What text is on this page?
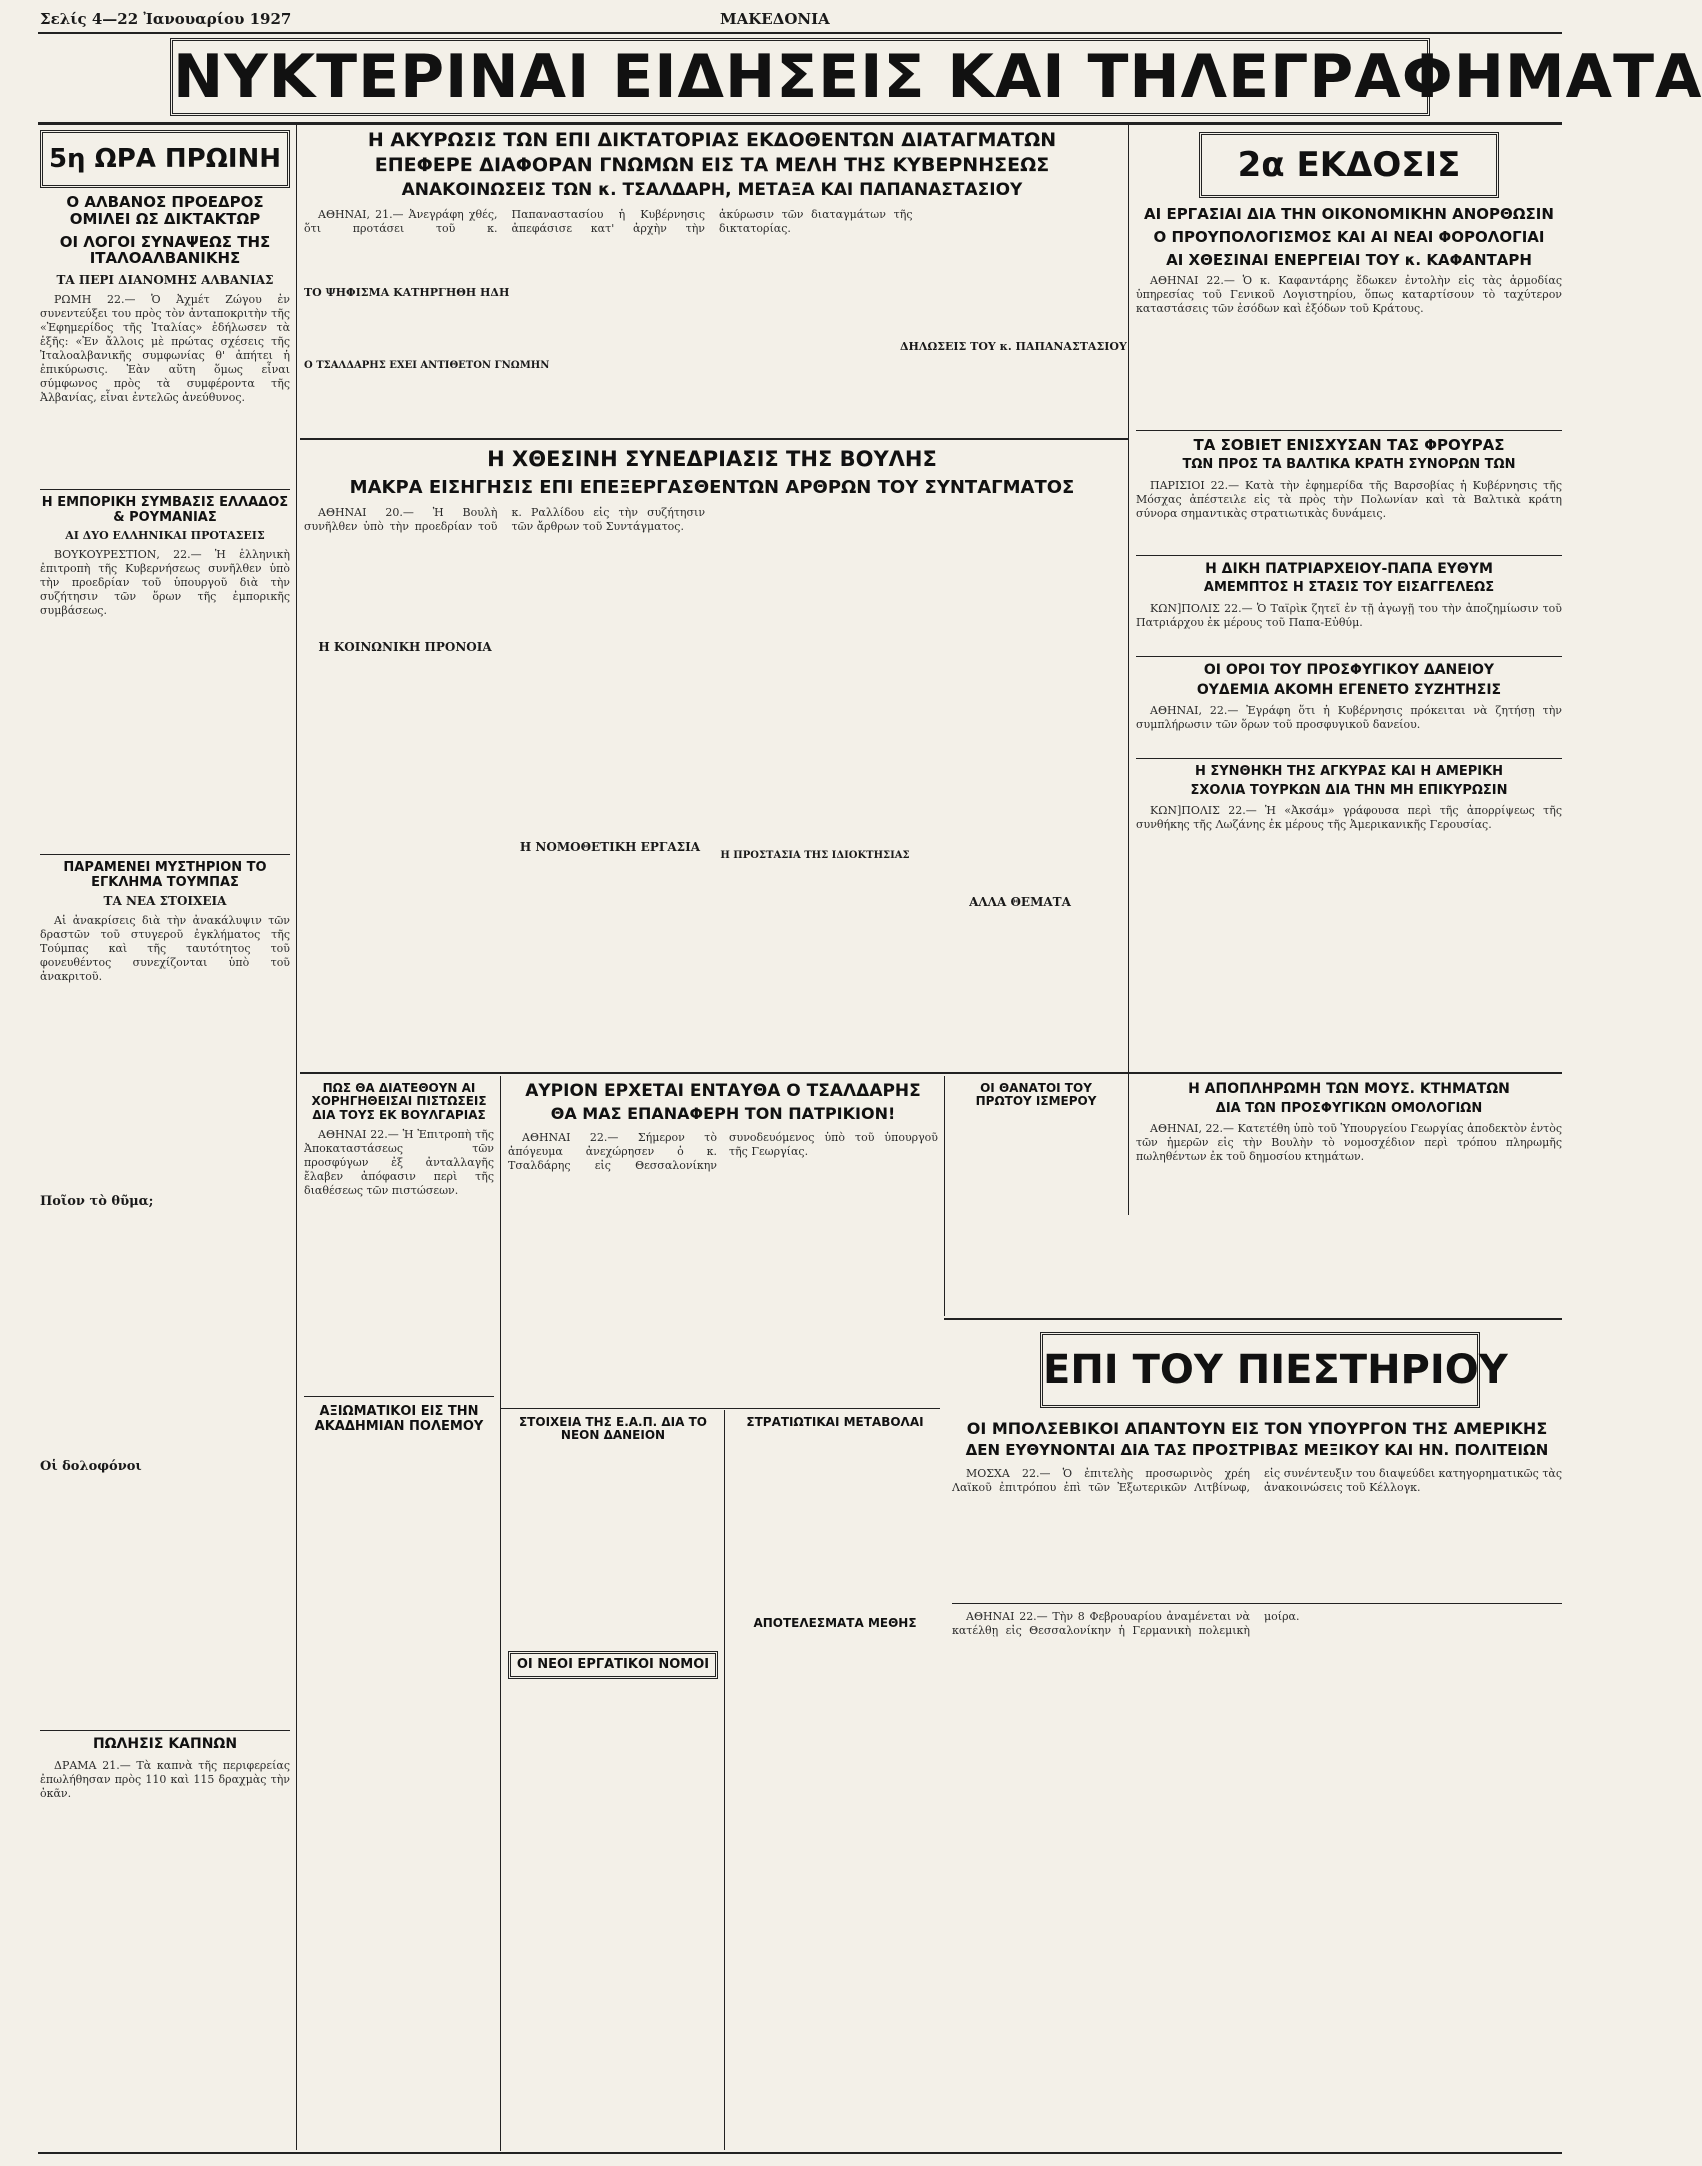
Σελίς 4—22 Ἰανουαρίου 1927	ΜΑΚΕΔΟΝΙΑ
ΝΥΚΤΕΡΙΝΑΙ ΕΙΔΗΣΕΙΣ ΚΑΙ ΤΗΛΕΓΡΑΦΗΜΑΤΑ
5η ΩΡΑ ΠΡΩΙΝΗ
Ο ΑΛΒΑΝΟΣ ΠΡΟΕΔΡΟΣ ΟΜΙΛΕΙ ΩΣ ΔΙΚΤΑΚΤΩΡ
ΟΙ ΛΟΓΟΙ ΣΥΝΑΨΕΩΣ ΤΗΣ ΙΤΑΛΟΑΛΒΑΝΙΚΗΣ
ΤΑ ΠΕΡΙ ΔΙΑΝΟΜΗΣ ΑΛΒΑΝΙΑΣ
ΡΩΜΗ 22.— Ὁ Ἀχμέτ Ζώγου ἐν συνεντεύξει του πρὸς τὸν ἀνταποκριτὴν τῆς «Ἐφημερίδος τῆς Ἰταλίας» ἐδήλωσεν τὰ ἑξῆς: «Ἐν ἄλλοις μὲ πρώτας σχέσεις τῆς Ἰταλοαλβανικῆς συμφωνίας θ' ἀπήτει ἡ ἐπικύρωσις. Ἐὰν αὕτη ὅμως εἶναι σύμφωνος πρὸς τὰ συμφέροντα τῆς Ἀλβανίας, εἶναι ἐντελῶς ἀνεύθυνος.
Η ΕΜΠΟΡΙΚΗ ΣΥΜΒΑΣΙΣ ΕΛΛΑΔΟΣ & ΡΟΥΜΑΝΙΑΣ
ΑΙ ΔΥΟ ΕΛΛΗΝΙΚΑΙ ΠΡΟΤΑΣΕΙΣ
ΒΟΥΚΟΥΡΕΣΤΙΟΝ, 22.— Ἡ ἑλληνικὴ ἐπιτροπὴ τῆς Κυβερνήσεως συνῆλθεν ὑπὸ τὴν προεδρίαν τοῦ ὑπουργοῦ διὰ τὴν συζήτησιν τῶν ὅρων τῆς ἐμπορικῆς συμβάσεως.
ΠΑΡΑΜΕΝΕΙ ΜΥΣΤΗΡΙΟΝ ΤΟ ΕΓΚΛΗΜΑ ΤΟΥΜΠΑΣ
ΤΑ ΝΕΑ ΣΤΟΙΧΕΙΑ
Αἱ ἀνακρίσεις διὰ τὴν ἀνακάλυψιν τῶν δραστῶν τοῦ στυγεροῦ ἐγκλήματος τῆς Τούμπας καὶ τῆς ταυτότητος τοῦ φονευθέντος συνεχίζονται ὑπὸ τοῦ ἀνακριτοῦ.
Ποῖον τὸ θῦμα;
Οἱ δολοφόνοι
ΠΩΛΗΣΙΣ ΚΑΠΝΩΝ
ΔΡΑΜΑ 21.— Τὰ καπνὰ τῆς περιφερείας ἐπωλήθησαν πρὸς 110 καὶ 115 δραχμὰς τὴν ὀκᾶν.
Η ΑΚΥΡΩΣΙΣ ΤΩΝ ΕΠΙ ΔΙΚΤΑΤΟΡΙΑΣ ΕΚΔΟΘΕΝΤΩΝ ΔΙΑΤΑΓΜΑΤΩΝ
ΕΠΕΦΕΡΕ ΔΙΑΦΟΡΑΝ ΓΝΩΜΩΝ ΕΙΣ ΤΑ ΜΕΛΗ ΤΗΣ ΚΥΒΕΡΝΗΣΕΩΣ
ΑΝΑΚΟΙΝΩΣΕΙΣ ΤΩΝ κ. ΤΣΑΛΔΑΡΗ, ΜΕΤΑΞΑ ΚΑΙ ΠΑΠΑΝΑΣΤΑΣΙΟΥ
ΑΘΗΝΑΙ, 21.— Ἀνεγράφη χθές, ὅτι προτάσει τοῦ κ. Παπαναστασίου ἡ Κυβέρνησις ἀπεφάσισε κατ' ἀρχὴν τὴν ἀκύρωσιν τῶν διαταγμάτων τῆς δικτατορίας.
ΤΟ ΨΗΦΙΣΜΑ ΚΑΤΗΡΓΗΘΗ ΗΔΗ
Ο ΤΣΑΛΔΑΡΗΣ ΕΧΕΙ ΑΝΤΙΘΕΤΟΝ ΓΝΩΜΗΝ
ΔΗΛΩΣΕΙΣ ΤΟΥ κ. ΠΑΠΑΝΑΣΤΑΣΙΟΥ
Η ΧΘΕΣΙΝΗ ΣΥΝΕΔΡΙΑΣΙΣ ΤΗΣ ΒΟΥΛΗΣ
ΜΑΚΡΑ ΕΙΣΗΓΗΣΙΣ ΕΠΙ ΕΠΕΞΕΡΓΑΣΘΕΝΤΩΝ ΑΡΘΡΩΝ ΤΟΥ ΣΥΝΤΑΓΜΑΤΟΣ
ΑΘΗΝΑΙ 20.— Ἡ Βουλὴ συνῆλθεν ὑπὸ τὴν προεδρίαν τοῦ κ. Ραλλίδου εἰς τὴν συζήτησιν τῶν ἄρθρων τοῦ Συντάγματος.
Η ΚΟΙΝΩΝΙΚΗ ΠΡΟΝΟΙΑ
Η ΝΟΜΟΘΕΤΙΚΗ ΕΡΓΑΣΙΑ
Η ΠΡΟΣΤΑΣΙΑ ΤΗΣ ΙΔΙΟΚΤΗΣΙΑΣ
ΑΛΛΑ ΘΕΜΑΤΑ
ΠΩΣ ΘΑ ΔΙΑΤΕΘΟΥΝ ΑΙ ΧΟΡΗΓΗΘΕΙΣΑΙ ΠΙΣΤΩΣΕΙΣ ΔΙΑ ΤΟΥΣ ΕΚ ΒΟΥΛΓΑΡΙΑΣ
ΑΘΗΝΑΙ 22.— Ἡ Ἐπιτροπὴ τῆς Ἀποκαταστάσεως τῶν προσφύγων ἐξ ἀνταλλαγῆς ἔλαβεν ἀπόφασιν περὶ τῆς διαθέσεως τῶν πιστώσεων.
ΑΞΙΩΜΑΤΙΚΟΙ ΕΙΣ ΤΗΝ ΑΚΑΔΗΜΙΑΝ ΠΟΛΕΜΟΥ
ΑΥΡΙΟΝ ΕΡΧΕΤΑΙ ΕΝΤΑΥΘΑ Ο ΤΣΑΛΔΑΡΗΣ
ΘΑ ΜΑΣ ΕΠΑΝΑΦΕΡΗ ΤΟΝ ΠΑΤΡΙΚΙΟΝ!
ΑΘΗΝΑΙ 22.— Σήμερον τὸ ἀπόγευμα ἀνεχώρησεν ὁ κ. Τσαλδάρης εἰς Θεσσαλονίκην συνοδευόμενος ὑπὸ τοῦ ὑπουργοῦ τῆς Γεωργίας.
ΟΙ ΘΑΝΑΤΟΙ ΤΟΥ ΠΡΩΤΟΥ ΙΣΜΕΡΟΥ
ΣΤΟΙΧΕΙΑ ΤΗΣ Ε.Α.Π. ΔΙΑ ΤΟ ΝΕΟΝ ΔΑΝΕΙΟΝ
ΟΙ ΝΕΟΙ ΕΡΓΑΤΙΚΟΙ ΝΟΜΟΙ
ΣΤΡΑΤΙΩΤΙΚΑΙ ΜΕΤΑΒΟΛΑΙ
ΑΠΟΤΕΛΕΣΜΑΤΑ ΜΕΘΗΣ
2α ΕΚΔΟΣΙΣ
ΑΙ ΕΡΓΑΣΙΑΙ ΔΙΑ ΤΗΝ ΟΙΚΟΝΟΜΙΚΗΝ ΑΝΟΡΘΩΣΙΝ
Ο ΠΡΟΥΠΟΛΟΓΙΣΜΟΣ ΚΑΙ ΑΙ ΝΕΑΙ ΦΟΡΟΛΟΓΙΑΙ
ΑΙ ΧΘΕΣΙΝΑΙ ΕΝΕΡΓΕΙΑΙ ΤΟΥ κ. ΚΑΦΑΝΤΑΡΗ
ΑΘΗΝΑΙ 22.— Ὁ κ. Καφαντάρης ἔδωκεν ἐντολὴν εἰς τὰς ἁρμοδίας ὑπηρεσίας τοῦ Γενικοῦ Λογιστηρίου, ὅπως καταρτίσουν τὸ ταχύτερον καταστάσεις τῶν ἐσόδων καὶ ἐξόδων τοῦ Κράτους.
ΤΑ ΣΟΒΙΕΤ ΕΝΙΣΧΥΣΑΝ ΤΑΣ ΦΡΟΥΡΑΣ
ΤΩΝ ΠΡΟΣ ΤΑ ΒΑΛΤΙΚΑ ΚΡΑΤΗ ΣΥΝΟΡΩΝ ΤΩΝ
ΠΑΡΙΣΙΟΙ 22.— Κατὰ τὴν ἐφημερίδα τῆς Βαρσοβίας ἡ Κυβέρνησις τῆς Μόσχας ἀπέστειλε εἰς τὰ πρὸς τὴν Πολωνίαν καὶ τὰ Βαλτικὰ κράτη σύνορα σημαντικὰς στρατιωτικὰς δυνάμεις.
Η ΔΙΚΗ ΠΑΤΡΙΑΡΧΕΙΟΥ-ΠΑΠΑ ΕΥΘΥΜ
ΑΜΕΜΠΤΟΣ Η ΣΤΑΣΙΣ ΤΟΥ ΕΙΣΑΓΓΕΛΕΩΣ
ΚΩΝ]ΠΟΛΙΣ 22.— Ὁ Ταϊρὶκ ζητεῖ ἐν τῇ ἀγωγῇ του τὴν ἀποζημίωσιν τοῦ Πατριάρχου ἐκ μέρους τοῦ Παπα-Εὐθύμ.
ΟΙ ΟΡΟΙ ΤΟΥ ΠΡΟΣΦΥΓΙΚΟΥ ΔΑΝΕΙΟΥ
ΟΥΔΕΜΙΑ ΑΚΟΜΗ ΕΓΕΝΕΤΟ ΣΥΖΗΤΗΣΙΣ
ΑΘΗΝΑΙ, 22.— Ἐγράφη ὅτι ἡ Κυβέρνησις πρόκειται νὰ ζητήσῃ τὴν συμπλήρωσιν τῶν ὅρων τοῦ προσφυγικοῦ δανείου.
Η ΣΥΝΘΗΚΗ ΤΗΣ ΑΓΚΥΡΑΣ ΚΑΙ Η ΑΜΕΡΙΚΗ
ΣΧΟΛΙΑ ΤΟΥΡΚΩΝ ΔΙΑ ΤΗΝ ΜΗ ΕΠΙΚΥΡΩΣΙΝ
ΚΩΝ]ΠΟΛΙΣ 22.— Ἡ «Ἀκσάμ» γράφουσα περὶ τῆς ἀπορρίψεως τῆς συνθήκης τῆς Λωζάνης ἐκ μέρους τῆς Ἀμερικανικῆς Γερουσίας.
Η ΑΠΟΠΛΗΡΩΜΗ ΤΩΝ ΜΟΥΣ. ΚΤΗΜΑΤΩΝ
ΔΙΑ ΤΩΝ ΠΡΟΣΦΥΓΙΚΩΝ ΟΜΟΛΟΓΙΩΝ
ΑΘΗΝΑΙ, 22.— Κατετέθη ὑπὸ τοῦ Ὑπουργείου Γεωργίας ἀποδεκτὸν ἐντὸς τῶν ἡμερῶν εἰς τὴν Βουλὴν τὸ νομοσχέδιον περὶ τρόπου πληρωμῆς πωληθέντων ἐκ τοῦ δημοσίου κτημάτων.
ΕΠΙ ΤΟΥ ΠΙΕΣΤΗΡΙΟΥ
ΟΙ ΜΠΟΛΣΕΒΙΚΟΙ ΑΠΑΝΤΟΥΝ ΕΙΣ ΤΟΝ ΥΠΟΥΡΓΟΝ ΤΗΣ ΑΜΕΡΙΚΗΣ
ΔΕΝ ΕΥΘΥΝΟΝΤΑΙ ΔΙΑ ΤΑΣ ΠΡΟΣΤΡΙΒΑΣ ΜΕΞΙΚΟΥ ΚΑΙ ΗΝ. ΠΟΛΙΤΕΙΩΝ
ΜΟΣΧΑ 22.— Ὁ ἐπιτελὴς προσωρινὸς χρέη Λαϊκοῦ ἐπιτρόπου ἐπὶ τῶν Ἐξωτερικῶν Λιτβίνωφ, εἰς συνέντευξιν του διαψεύδει κατηγορηματικῶς τὰς ἀνακοινώσεις τοῦ Κέλλογκ.
ΑΘΗΝΑΙ 22.— Τὴν 8 Φεβρουαρίου ἀναμένεται νὰ κατέλθῃ εἰς Θεσσαλονίκην ἡ Γερμανικὴ πολεμικὴ μοίρα.
